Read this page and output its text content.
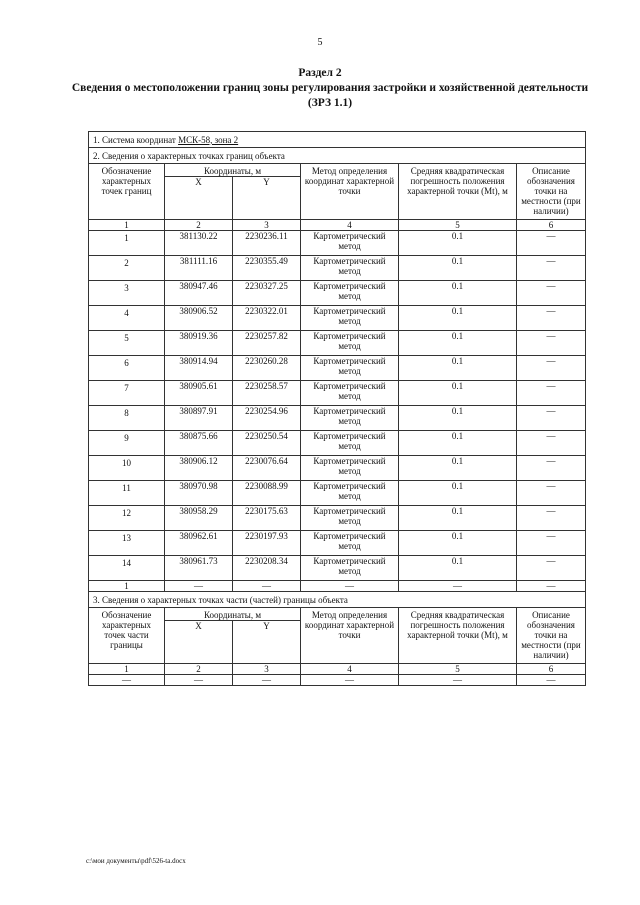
5
Раздел 2
Сведения о местоположении границ зоны регулирования застройки и хозяйственной деятельности (ЗРЗ 1.1)
1. Система координат МСК-58, зона 2					
2. Сведения о характерных точках границ объекта					
Обозначение характерных точек границ	Координаты, м		Метод определения координат характерной точки	Средняя квадратическая погрешность положения характерной точки (Mt), м	Описание обозначения точки на местности (при наличии)
	X	Y			
1	2	3	4	5	6
1	381130.22	2230236.11	Картометрический метод	0.1	—
2	381111.16	2230355.49	Картометрический метод	0.1	—
3	380947.46	2230327.25	Картометрический метод	0.1	—
4	380906.52	2230322.01	Картометрический метод	0.1	—
5	380919.36	2230257.82	Картометрический метод	0.1	—
6	380914.94	2230260.28	Картометрический метод	0.1	—
7	380905.61	2230258.57	Картометрический метод	0.1	—
8	380897.91	2230254.96	Картометрический метод	0.1	—
9	380875.66	2230250.54	Картометрический метод	0.1	—
10	380906.12	2230076.64	Картометрический метод	0.1	—
11	380970.98	2230088.99	Картометрический метод	0.1	—
12	380958.29	2230175.63	Картометрический метод	0.1	—
13	380962.61	2230197.93	Картометрический метод	0.1	—
14	380961.73	2230208.34	Картометрический метод	0.1	—
1	—	—	—	—	—
3. Сведения о характерных точках части (частей) границы объекта					
Обозначение характерных точек части границы	Координаты, м		Метод определения координат характерной точки	Средняя квадратическая погрешность положения характерной точки (Mt), м	Описание обозначения точки на местности (при наличии)
	X	Y			
1	2	3	4	5	6
—	—	—	—	—	—
c:\мои документы\pdf\526-ta.docx
